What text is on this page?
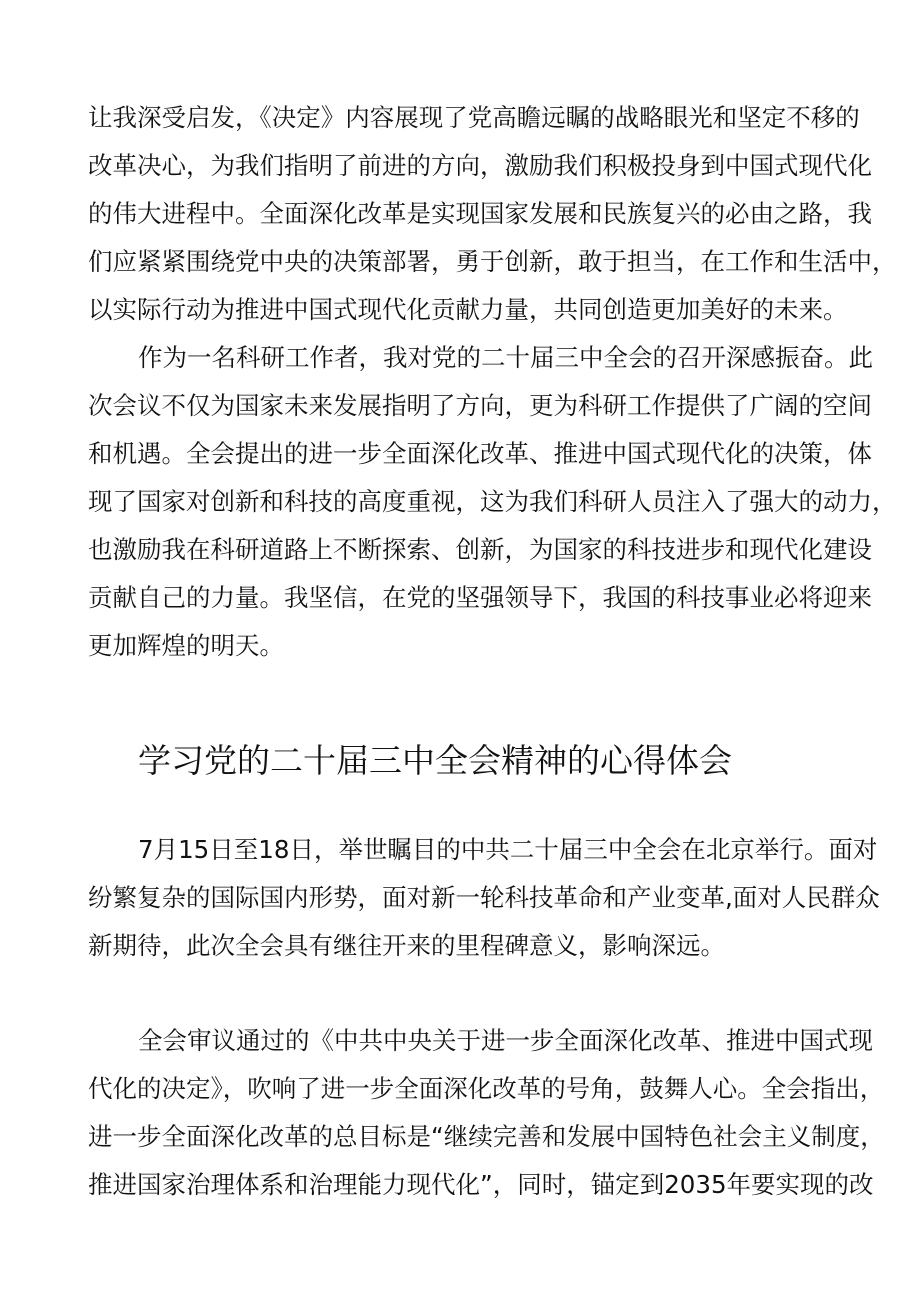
让我深受启发，《决定》内容展现了党高瞻远瞩的战略眼光和坚定不移的
改革决心，为我们指明了前进的方向，激励我们积极投身到中国式现代化
的伟大进程中。全面深化改革是实现国家发展和民族复兴的必由之路，我
们应紧紧围绕党中央的决策部署，勇于创新，敢于担当，在工作和生活中，
以实际行动为推进中国式现代化贡献力量，共同创造更加美好的未来。
作为一名科研工作者，我对党的二十届三中全会的召开深感振奋。此
次会议不仅为国家未来发展指明了方向，更为科研工作提供了广阔的空间
和机遇。全会提出的进一步全面深化改革、推进中国式现代化的决策，体
现了国家对创新和科技的高度重视，这为我们科研人员注入了强大的动力，
也激励我在科研道路上不断探索、创新，为国家的科技进步和现代化建设
贡献自己的力量。我坚信，在党的坚强领导下，我国的科技事业必将迎来
更加辉煌的明天。
学习党的二十届三中全会精神的心得体会
7月15日至18日，举世瞩目的中共二十届三中全会在北京举行。面对
纷繁复杂的国际国内形势，面对新一轮科技革命和产业变革,面对人民群众
新期待，此次全会具有继往开来的里程碑意义，影响深远。
全会审议通过的《中共中央关于进一步全面深化改革、推进中国式现
代化的决定》，吹响了进一步全面深化改革的号角，鼓舞人心。全会指出，
进一步全面深化改革的总目标是“继续完善和发展中国特色社会主义制度，
推进国家治理体系和治理能力现代化”，同时，锚定到2035年要实现的改
